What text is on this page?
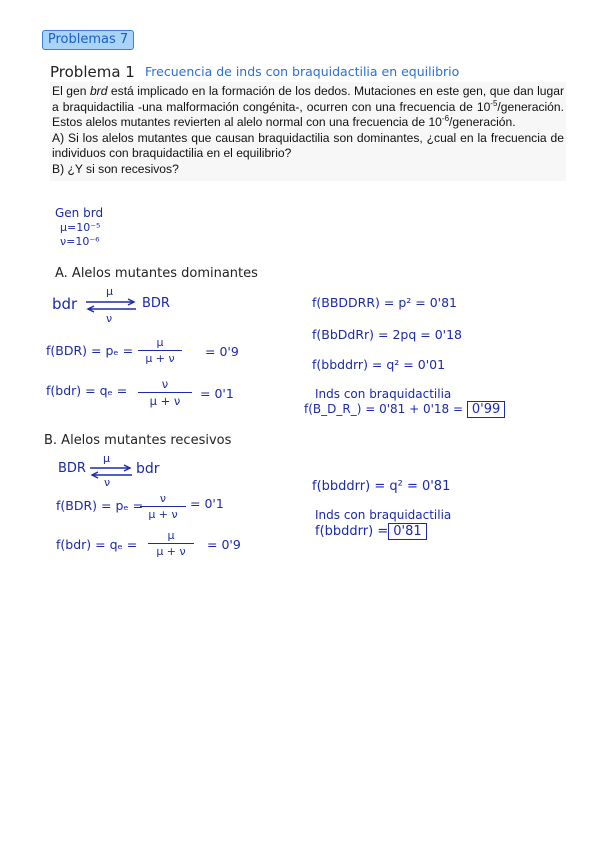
Problemas 7
Problema 1 Frecuencia de inds con braquidactilia en equilibrio

El gen brd está implicado en la formación de los dedos. Mutaciones en este gen, que dan lugar a braquidactilia -una malformación congénita-, ocurren con una frecuencia de $10^{-5}$/generación. Estos alelos mutantes revierten al alelo normal con una frecuencia de $10^{-6}$/generación.

A) Si los alelos mutantes que causan braquidactilia son dominantes, ¿cual en la frecuencia de individuos con braquidactilia en el equilibrio?

B) ¿Y si son recesivos?

Gen brd
μ=10⁻⁵
ν=10⁻⁶
A. Alelos mutantes dominantes
bdr
μ
ν
BDR
f(BDR) = pₑ =
μ
μ + ν	= 0'9
f(bdr) = qₑ =	ν
μ + ν	= 0'1
f(BBDDRR) = p² = 0'81
f(BbDdRr) = 2pq = 0'18
f(bbddrr) = q² = 0'01
Inds con braquidactilia
f(B_D_R_) = 0'81 + 0'18 = 0'99
B. Alelos mutantes recesivos
BDR
μ
ν
bdr
f(BDR) = pₑ =	ν
μ + ν
= 0'1
f(bdr) = qₑ =
μ
μ + ν	= 0'9
f(bbddrr) = q² = 0'81
Inds con braquidactilia
f(bbddrr) = 0'81
